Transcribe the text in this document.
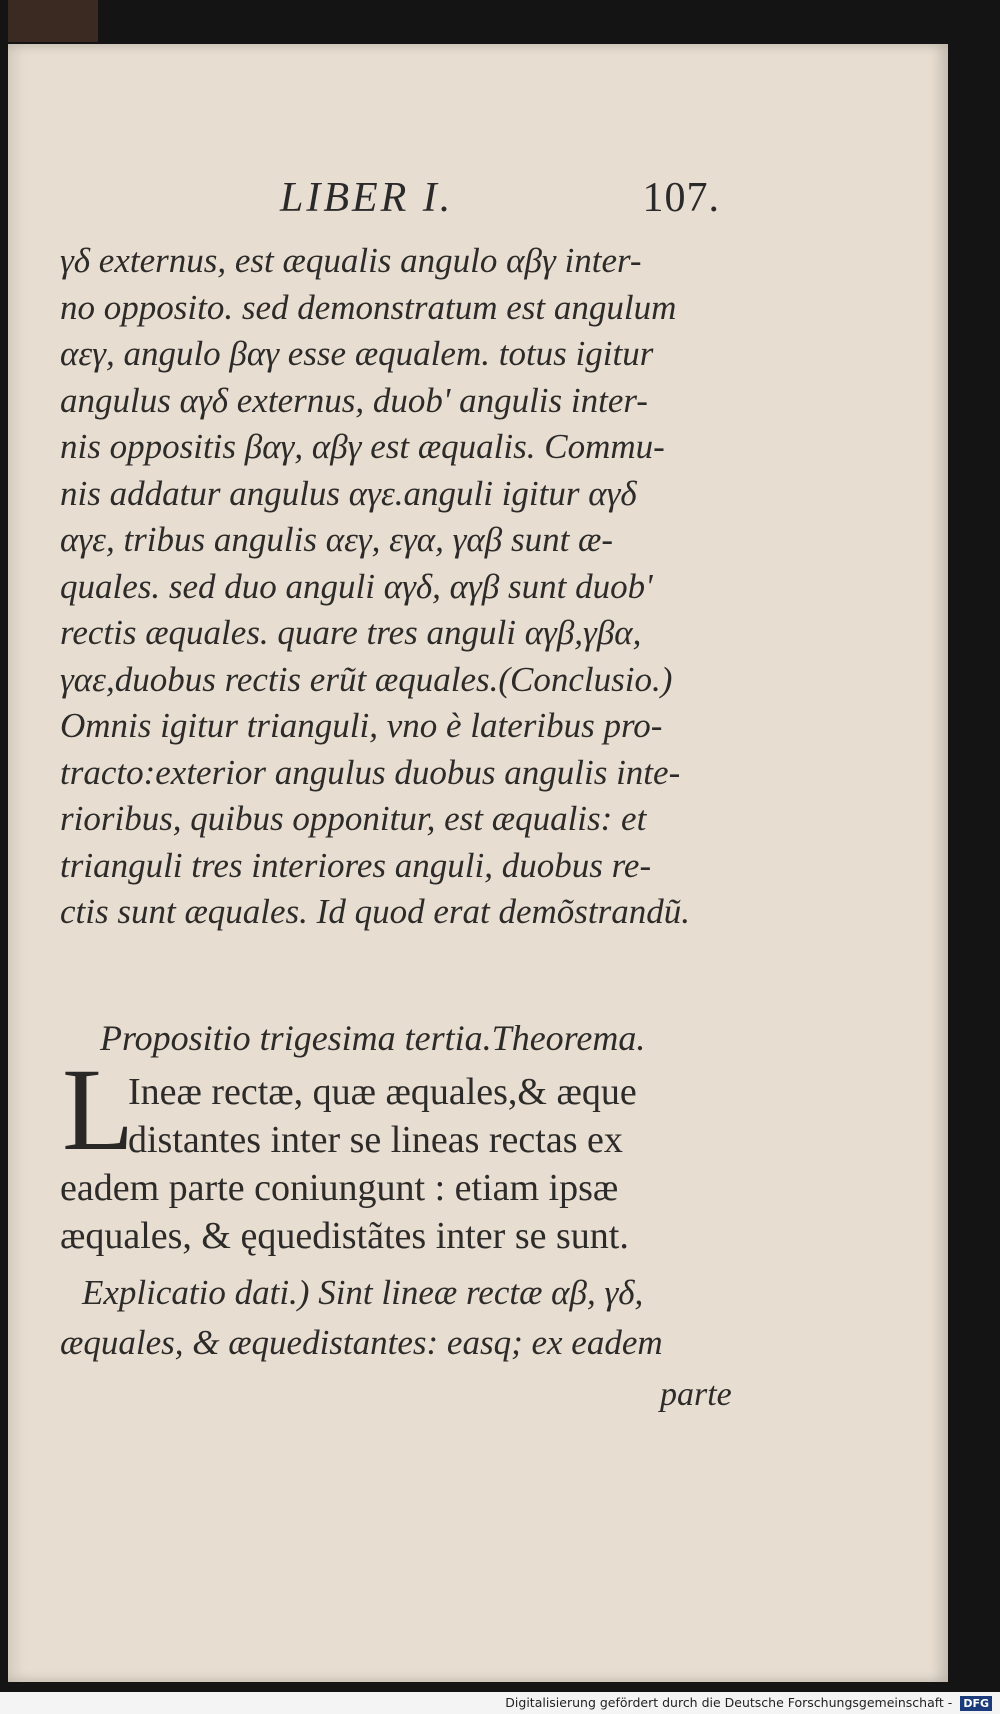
LIBER I.	107.
γδ externus, est æqualis angulo αβγ inter-
no opposito. sed demonstratum est angulum
αεγ, angulo βαγ esse æqualem. totus igitur
angulus αγδ externus, duob' angulis inter-
nis oppositis βαγ, αβγ est æqualis. Commu-
nis addatur angulus αγε.anguli igitur αγδ
αγε, tribus angulis αεγ, εγα, γαβ sunt æ-
quales. sed duo anguli αγδ, αγβ sunt duob'
rectis æquales. quare tres anguli αγβ,γβα,
γαε,duobus rectis erũt æquales.(Conclusio.)
Omnis igitur trianguli, vno è lateribus pro-
tracto:exterior angulus duobus angulis inte-
rioribus, quibus opponitur, est æqualis: et
trianguli tres interiores anguli, duobus re-
ctis sunt æquales. Id quod erat demõstrandũ.
Propositio trigesima tertia.Theorema.
L
Ineæ rectæ, quæ æquales,& æque
distantes inter se lineas rectas ex
eadem parte coniungunt : etiam ipsæ
æquales, & ęquedistãtes inter se sunt.
Explicatio dati.) Sint lineæ rectæ αβ, γδ,
æquales, & æquedistantes: easq; ex eadem
parte
Digitalisierung gefördert durch die Deutsche Forschungsgemeinschaft - DFG
